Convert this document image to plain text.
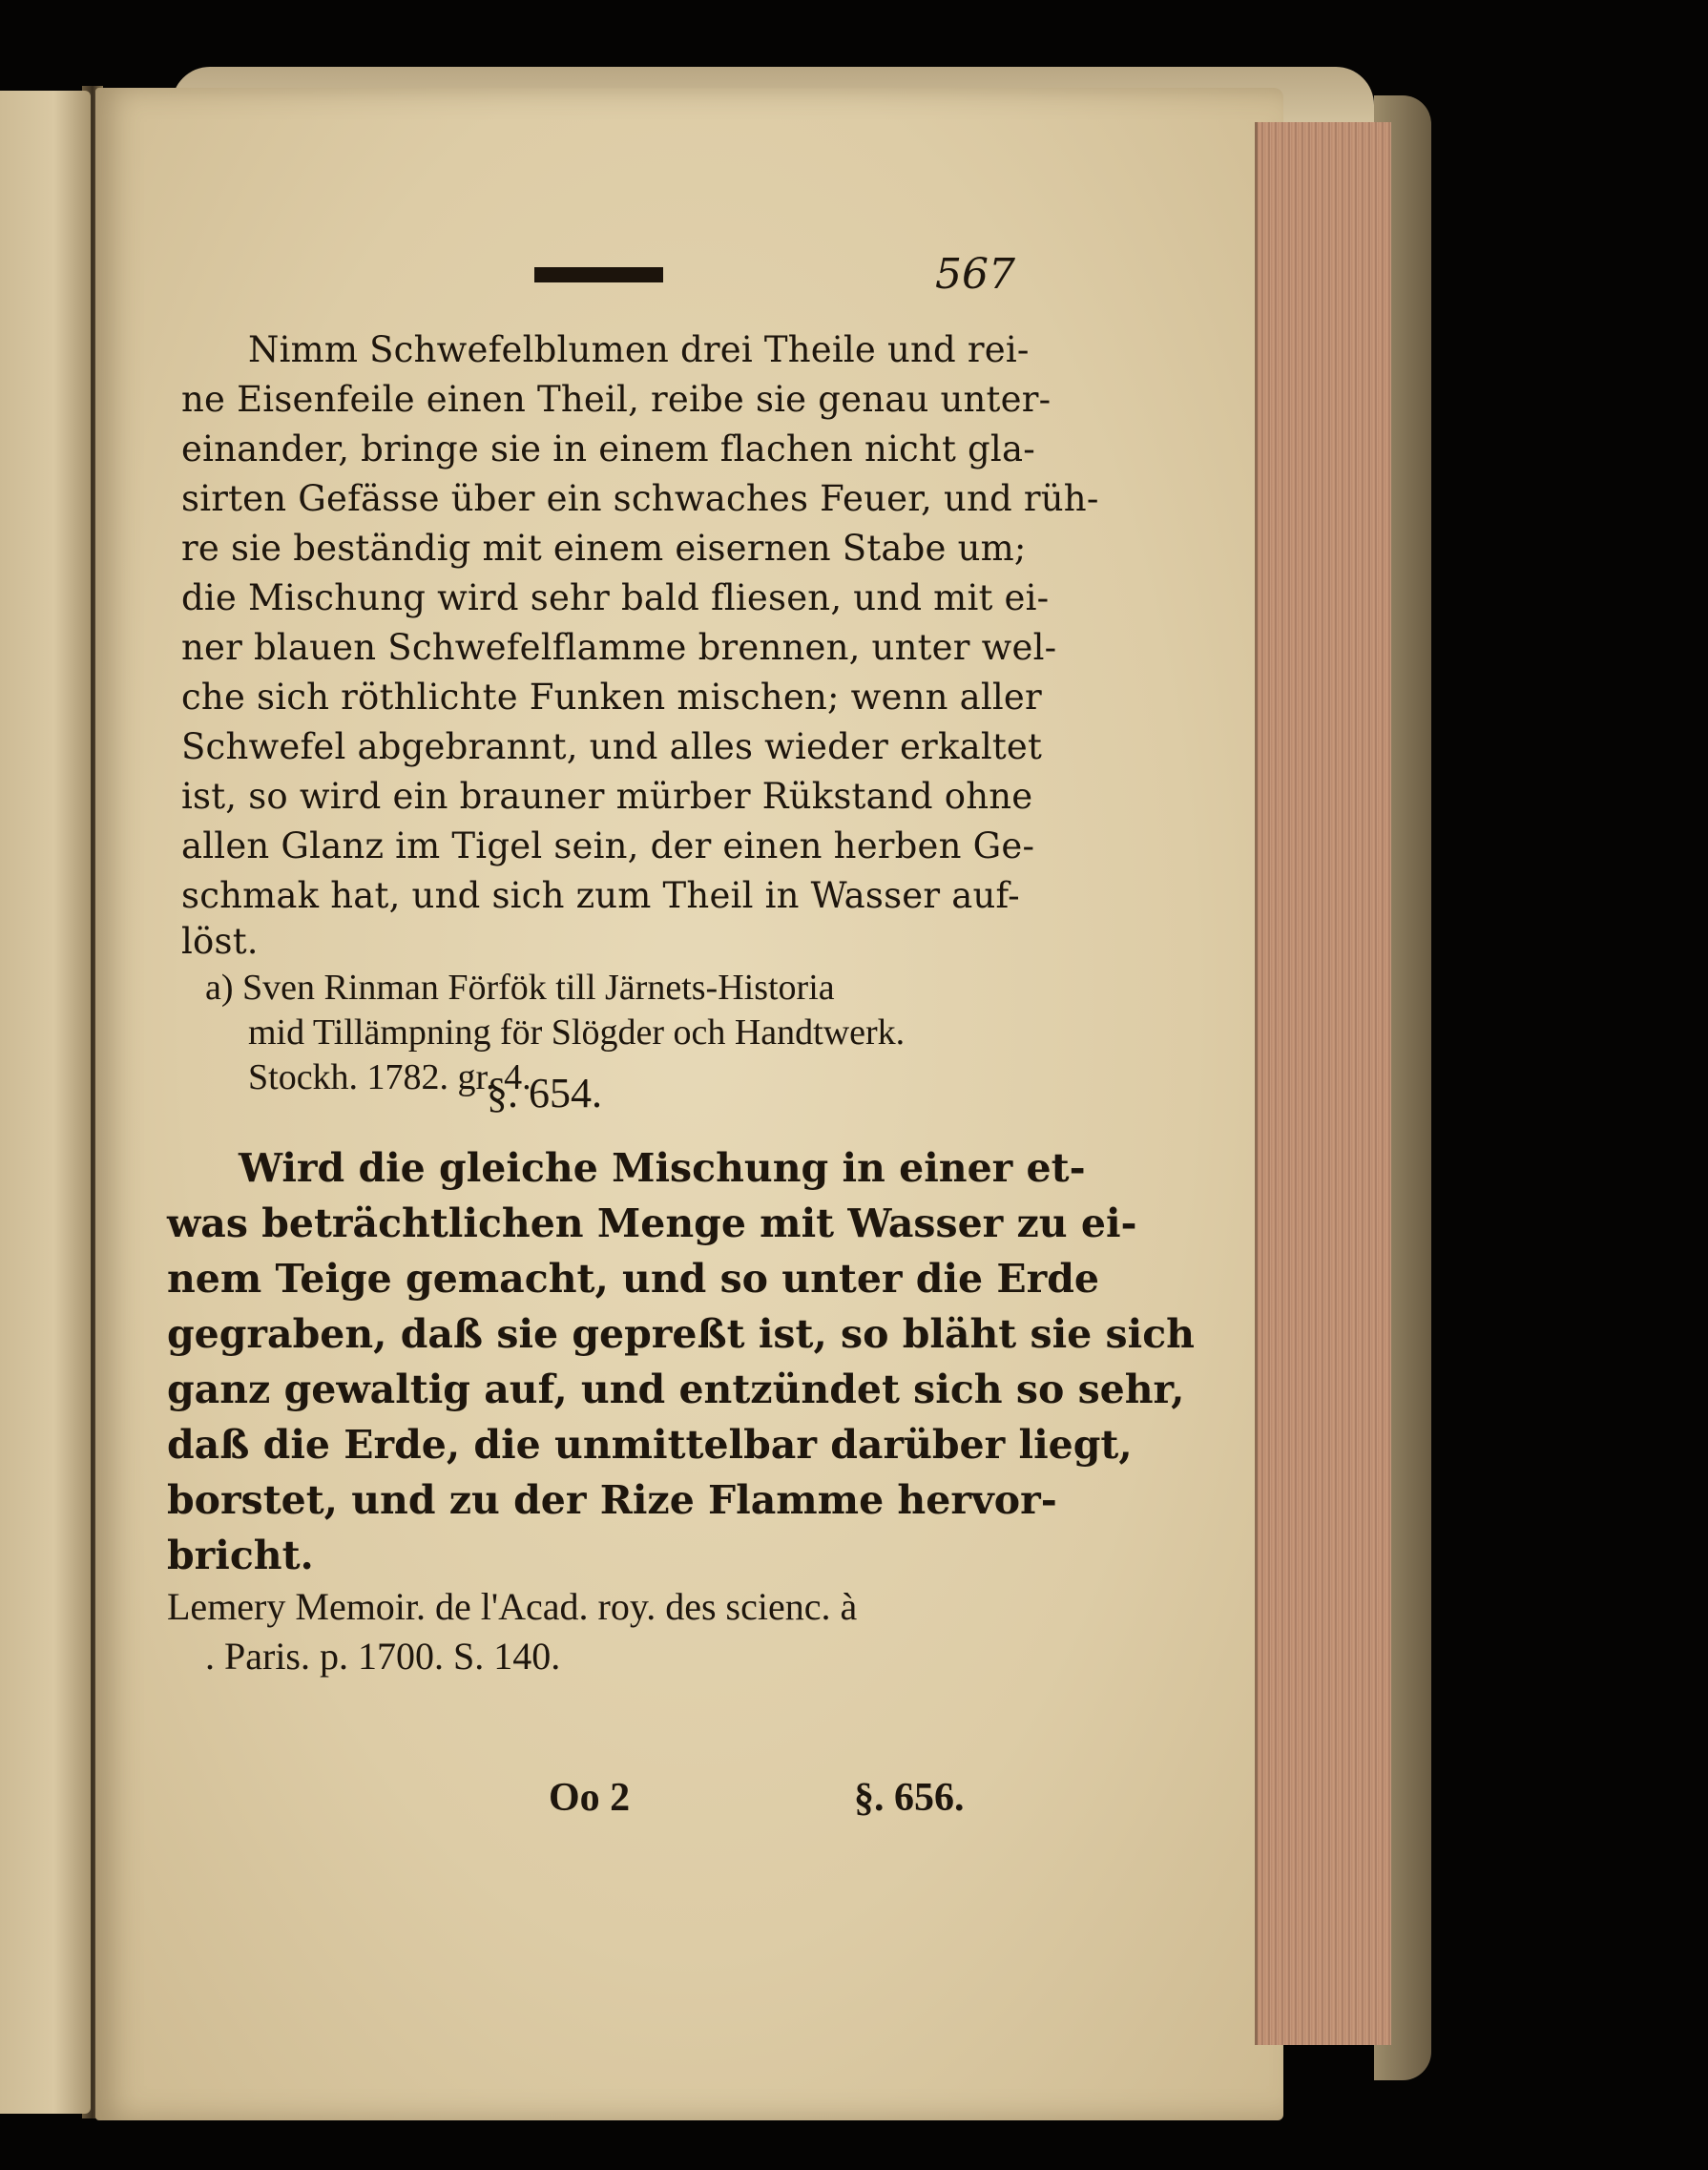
567
Nimm Schwefelblumen drei Theile und rei-
ne Eisenfeile einen Theil, reibe sie genau unter-
einander, bringe sie in einem flachen nicht gla-
sirten Gefässe über ein schwaches Feuer, und rüh-
re sie beständig mit einem eisernen Stabe um;
die Mischung wird sehr bald fliesen, und mit ei-
ner blauen Schwefelflamme brennen, unter wel-
che sich röthlichte Funken mischen; wenn aller
Schwefel abgebrannt, und alles wieder erkaltet
ist, so wird ein brauner mürber Rükstand ohne
allen Glanz im Tigel sein, der einen herben Ge-
schmak hat, und sich zum Theil in Wasser auf-
löst.
a) Sven Rinman Förfök till Järnets-Historia
mid Tillämpning för Slögder och Handtwerk.
Stockh. 1782. gr. 4.
§. 654.
Wird die gleiche Mischung in einer et-
was beträchtlichen Menge mit Wasser zu ei-
nem Teige gemacht, und so unter die Erde
gegraben, daß sie gepreßt ist, so bläht sie sich
ganz gewaltig auf, und entzündet sich so sehr,
daß die Erde, die unmittelbar darüber liegt,
borstet, und zu der Rize Flamme hervor-
bricht.
Lemery Memoir. de l'Acad. roy. des scienc. à
. Paris. p. 1700. S. 140.
Oo 2	§. 656.
